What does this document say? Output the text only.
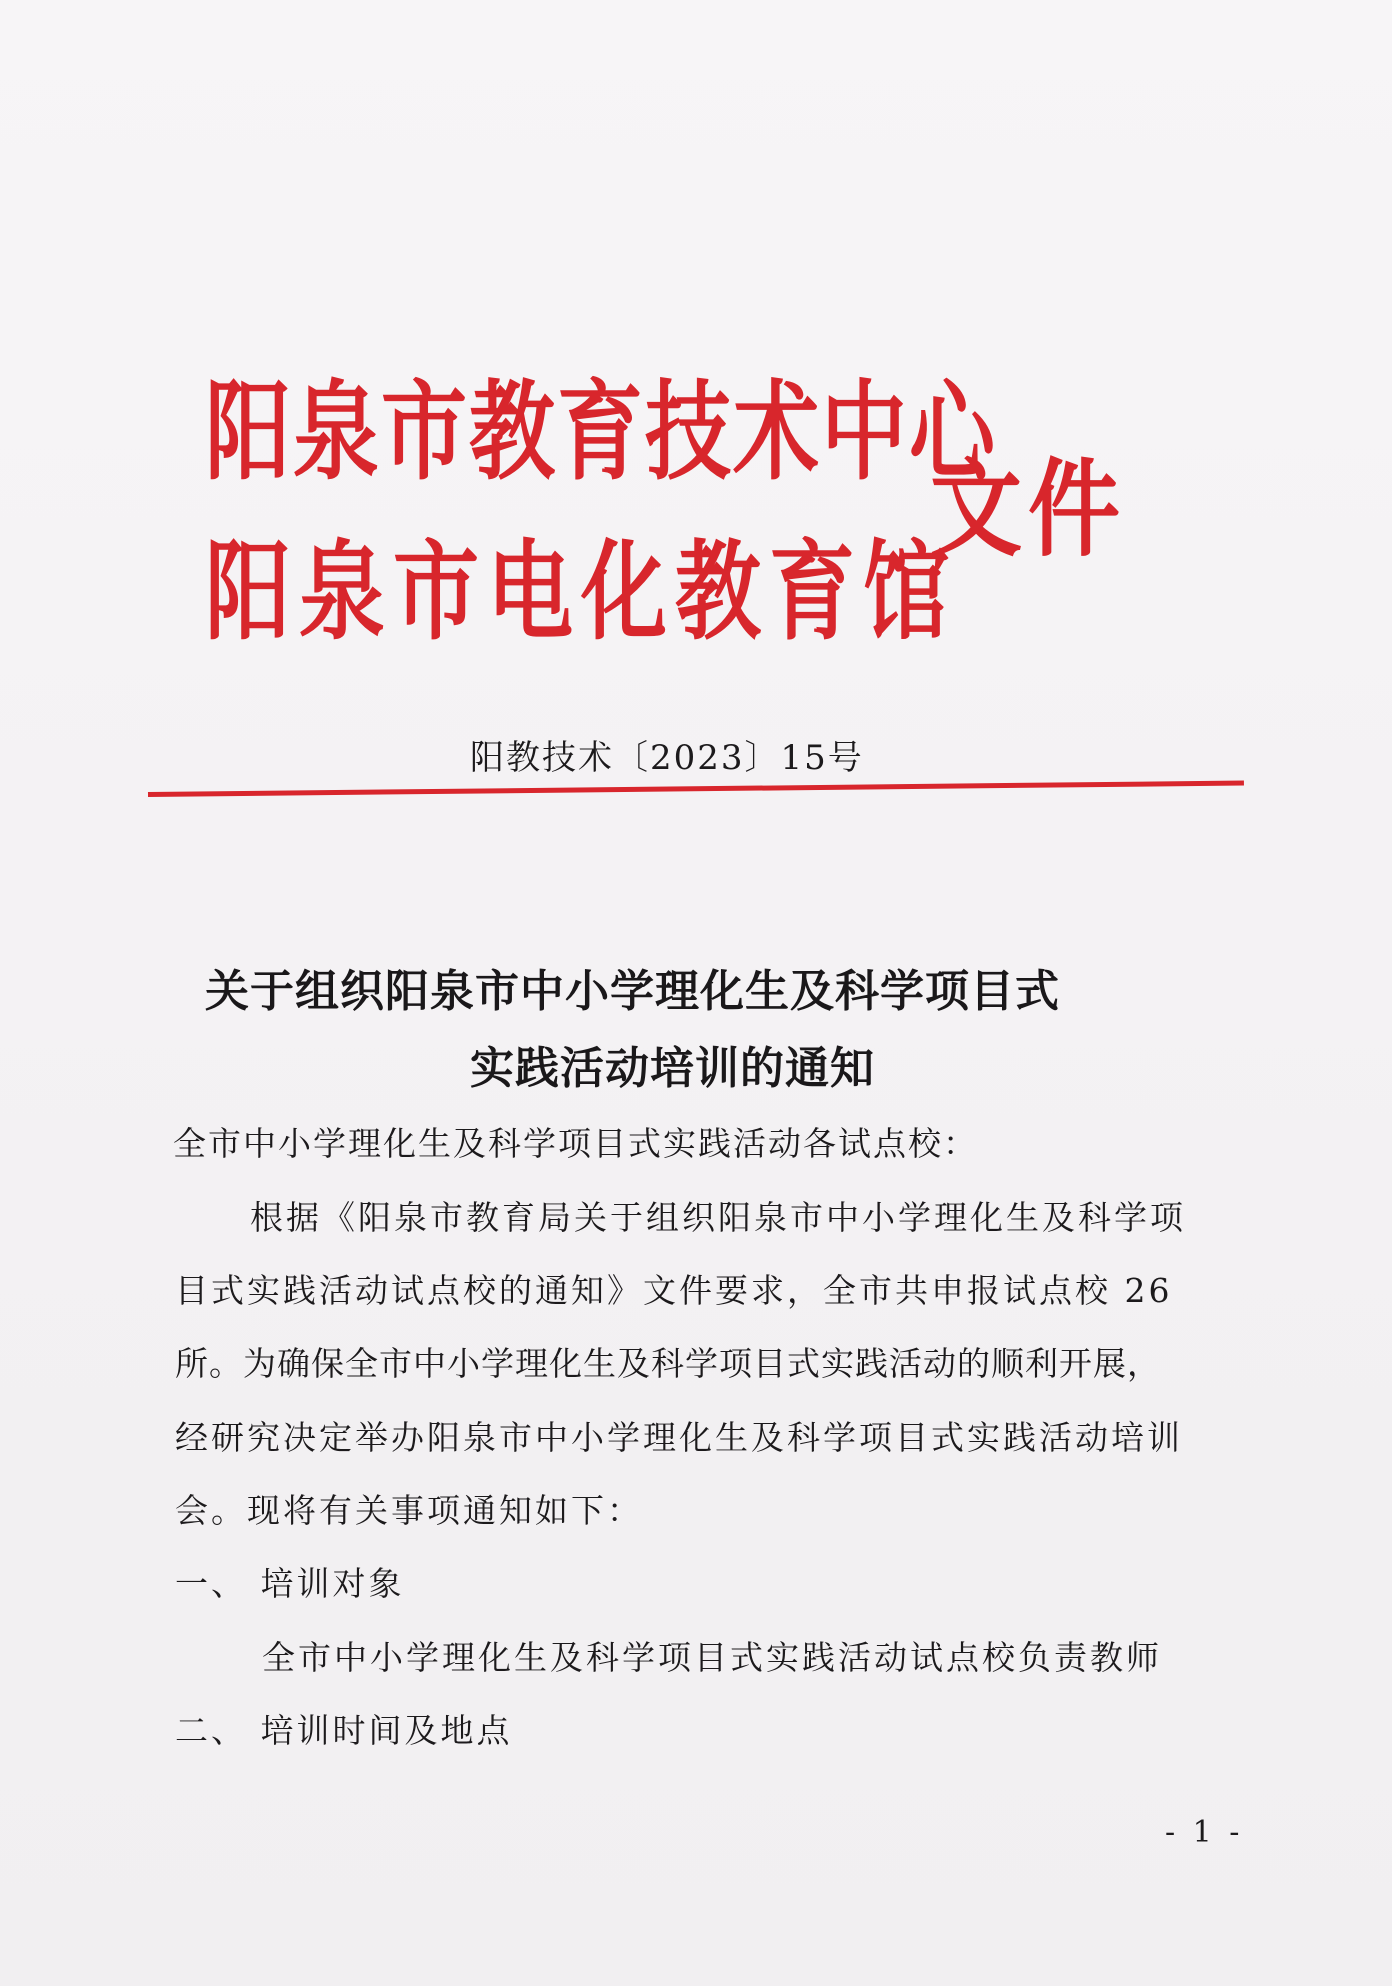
阳泉市教育技术中心
阳泉市电化教育馆
文件
阳教技术〔2023〕15号
关于组织阳泉市中小学理化生及科学项目式
实践活动培训的通知
全市中小学理化生及科学项目式实践活动各试点校：
根据《阳泉市教育局关于组织阳泉市中小学理化生及科学项
目式实践活动试点校的通知》文件要求，全市共申报试点校 26
所。为确保全市中小学理化生及科学项目式实践活动的顺利开展，
经研究决定举办阳泉市中小学理化生及科学项目式实践活动培训
会。现将有关事项通知如下：
一、 培训对象
全市中小学理化生及科学项目式实践活动试点校负责教师
二、 培训时间及地点
- 1 -
